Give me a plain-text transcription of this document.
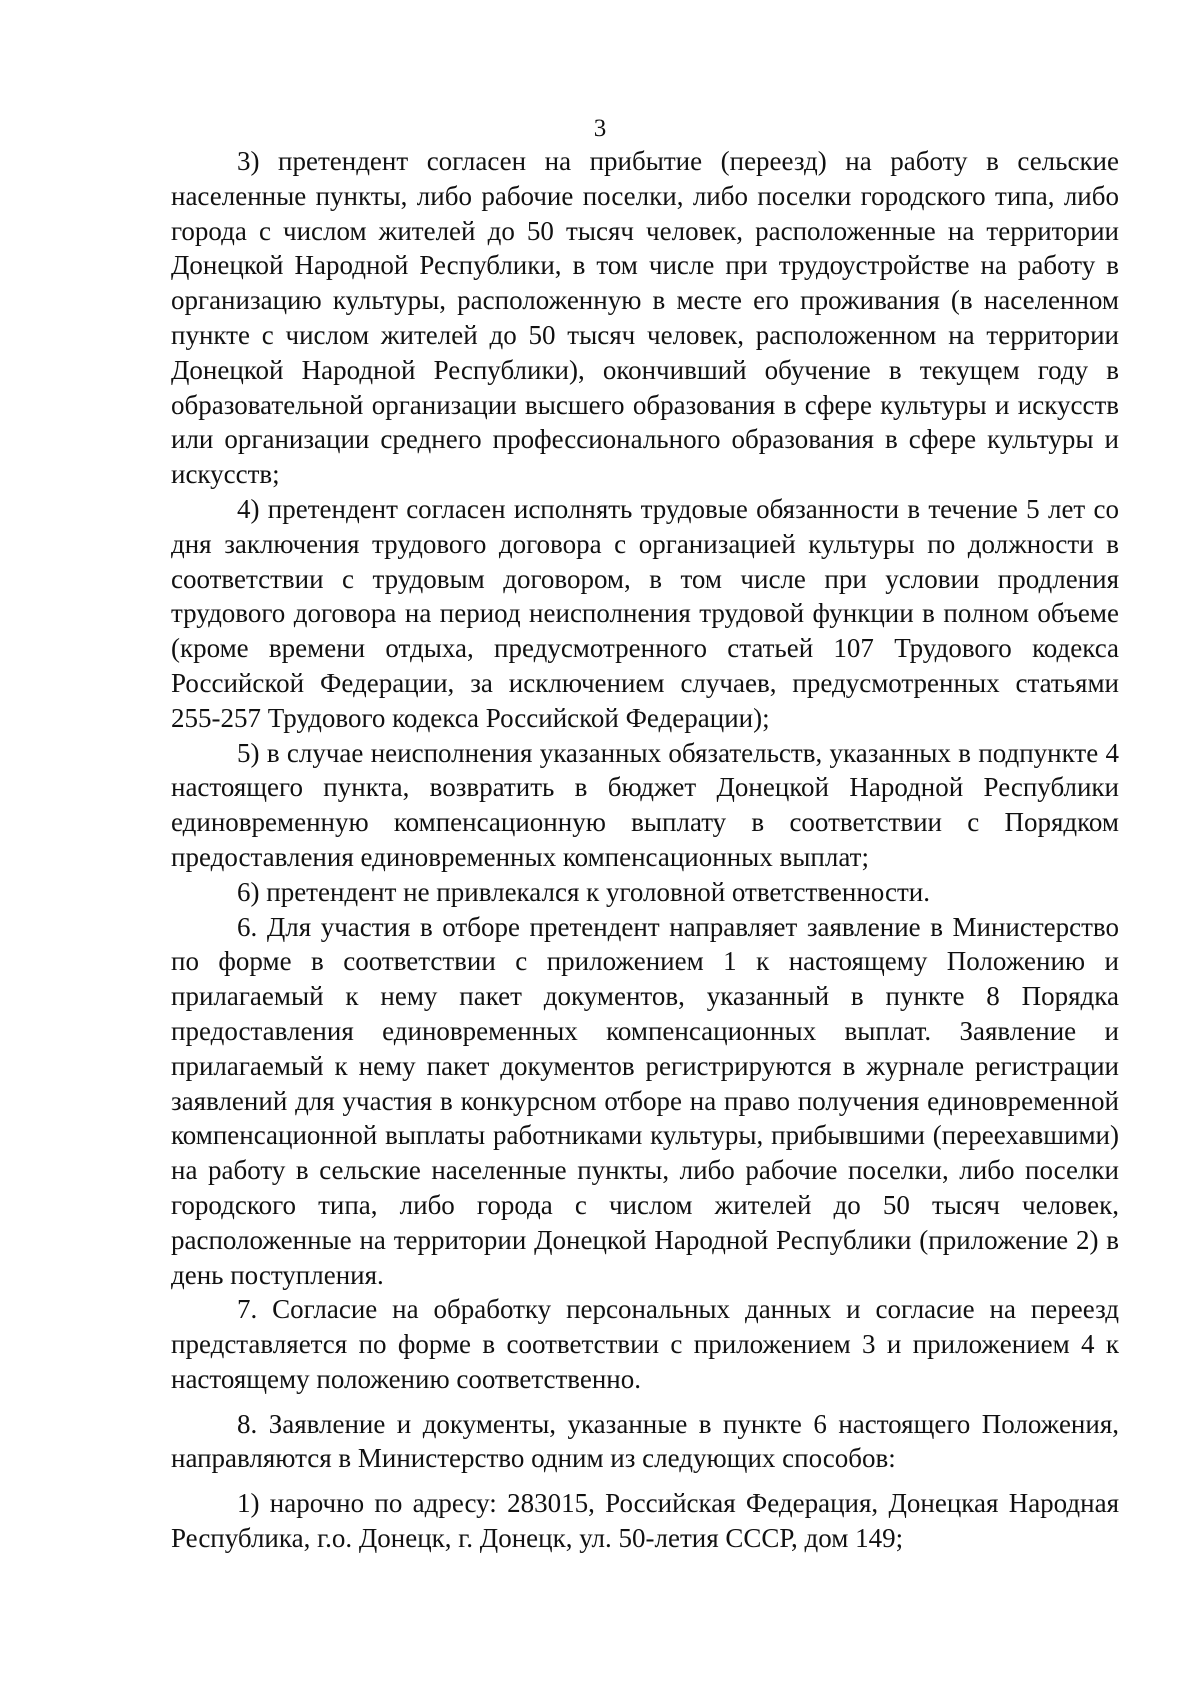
3

3) претендент согласен на прибытие (переезд) на работу в сельские населенные пункты, либо рабочие поселки, либо поселки городского типа, либо города с числом жителей до 50 тысяч человек, расположенные на территории Донецкой Народной Республики, в том числе при трудоустройстве на работу в организацию культуры, расположенную в месте его проживания (в населенном пункте с числом жителей до 50 тысяч человек, расположенном на территории Донецкой Народной Республики), окончивший обучение в текущем году в образовательной организации высшего образования в сфере культуры и искусств или организации среднего профессионального образования в сфере культуры и искусств;

4) претендент согласен исполнять трудовые обязанности в течение 5 лет со дня заключения трудового договора с организацией культуры по должности в соответствии с трудовым договором, в том числе при условии продления трудового договора на период неисполнения трудовой функции в полном объеме (кроме времени отдыха, предусмотренного статьей 107 Трудового кодекса Российской Федерации, за исключением случаев, предусмотренных статьями 255-257 Трудового кодекса Российской Федерации);

5) в случае неисполнения указанных обязательств, указанных в подпункте 4 настоящего пункта, возвратить в бюджет Донецкой Народной Республики единовременную компенсационную выплату в соответствии с Порядком предоставления единовременных компенсационных выплат;

6) претендент не привлекался к уголовной ответственности.

6. Для участия в отборе претендент направляет заявление в Министерство по форме в соответствии с приложением 1 к настоящему Положению и прилагаемый к нему пакет документов, указанный в пункте 8 Порядка предоставления единовременных компенсационных выплат. Заявление и прилагаемый к нему пакет документов регистрируются в журнале регистрации заявлений для участия в конкурсном отборе на право получения единовременной компенсационной выплаты работниками культуры, прибывшими (переехавшими) на работу в сельские населенные пункты, либо рабочие поселки, либо поселки городского типа, либо города с числом жителей до 50 тысяч человек, расположенные на территории Донецкой Народной Республики (приложение 2) в день поступления.

7. Согласие на обработку персональных данных и согласие на переезд представляется по форме в соответствии с приложением 3 и приложением 4 к настоящему положению соответственно.

8. Заявление и документы, указанные в пункте 6 настоящего Положения, направляются в Министерство одним из следующих способов:

1) нарочно по адресу: 283015, Российская Федерация, Донецкая Народная Республика, г.о. Донецк, г. Донецк, ул. 50-летия СССР, дом 149;
